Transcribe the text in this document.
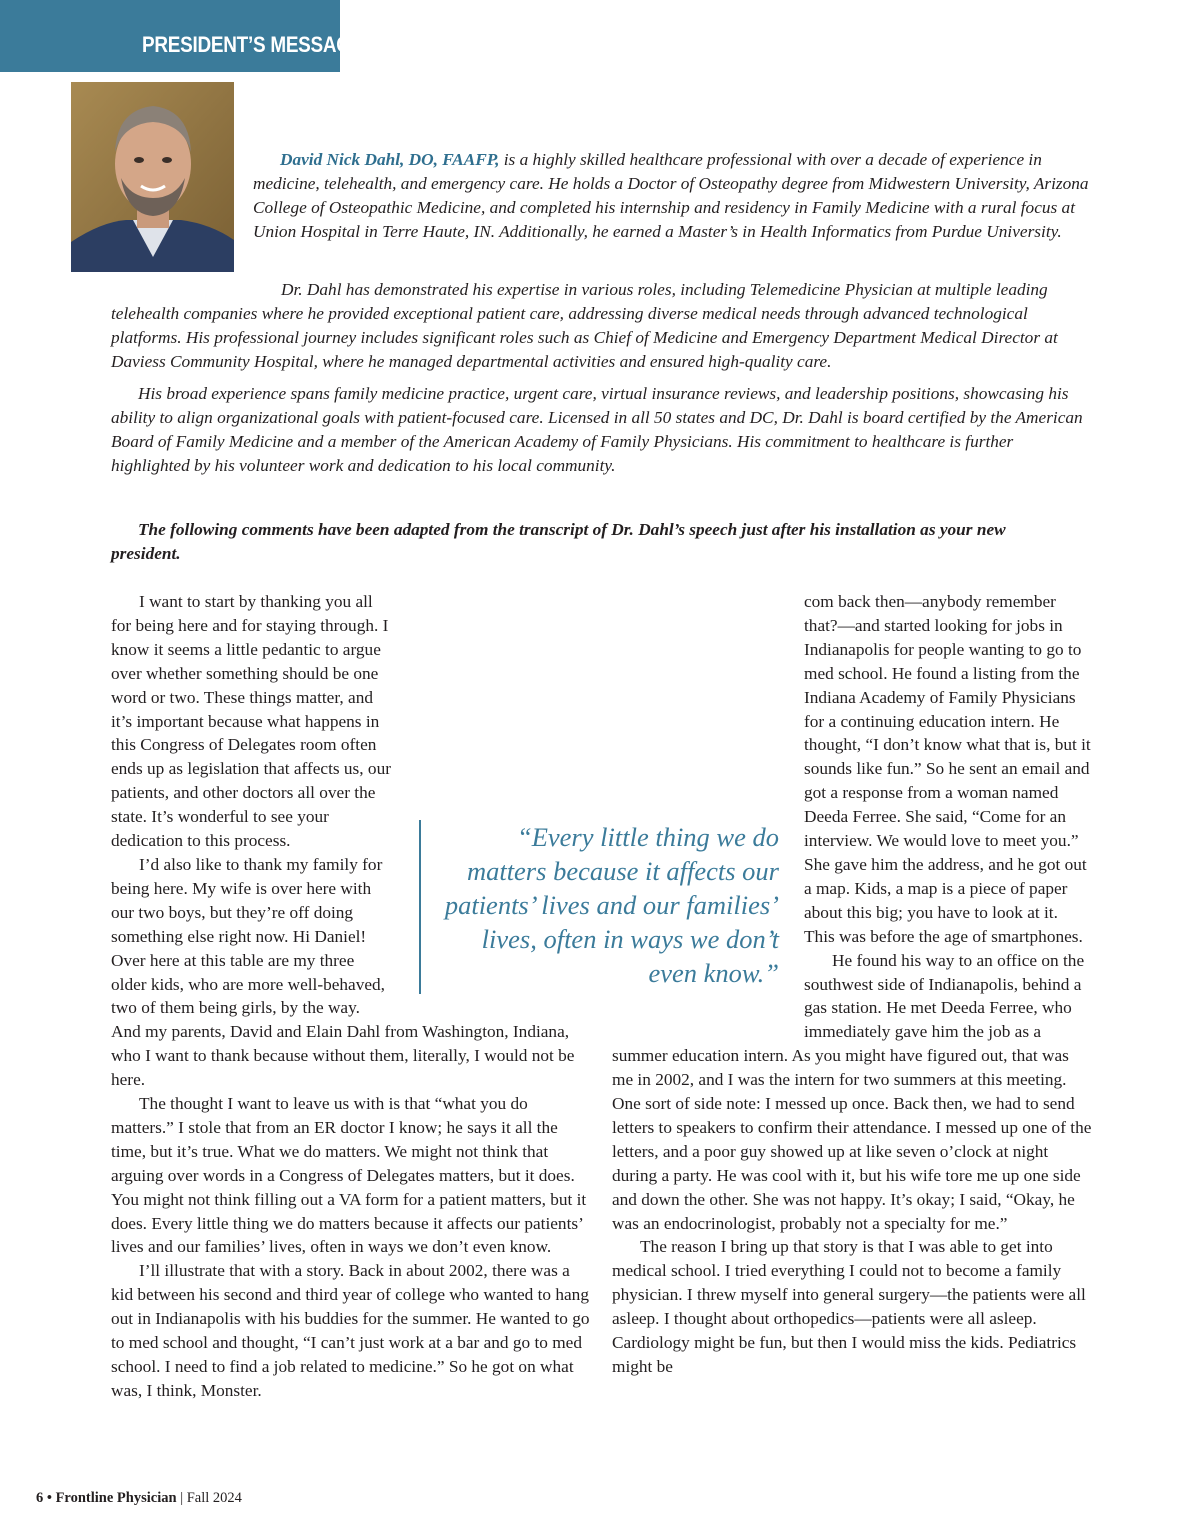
PRESIDENT’S MESSAGE

David Nick Dahl, DO, FAAFP, is a highly skilled healthcare professional with over a decade of experience in medicine, telehealth, and emergency care. He holds a Doctor of Osteopathy degree from Midwestern University, Arizona College of Osteopathic Medicine, and completed his internship and residency in Family Medicine with a rural focus at Union Hospital in Terre Haute, IN. Additionally, he earned a Master’s in Health Informatics from Purdue University.

Dr. Dahl has demonstrated his expertise in various roles, including Telemedicine Physician at multiple leading telehealth companies where he provided exceptional patient care, addressing diverse medical needs through advanced technological platforms. His professional journey includes significant roles such as Chief of Medicine and Emergency Department Medical Director at Daviess Community Hospital, where he managed departmental activities and ensured high-quality care.

His broad experience spans family medicine practice, urgent care, virtual insurance reviews, and leadership positions, showcasing his ability to align organizational goals with patient-focused care. Licensed in all 50 states and DC, Dr. Dahl is board certified by the American Board of Family Medicine and a member of the American Academy of Family Physicians. His commitment to healthcare is further highlighted by his volunteer work and dedication to his local community.

The following comments have been adapted from the transcript of Dr. Dahl’s speech just after his installation as your new president.

I want to start by thanking you all for being here and for staying through. I know it seems a little pedantic to argue over whether something should be one word or two. These things matter, and it’s important because what happens in this Congress of Delegates room often ends up as legislation that affects us, our patients, and other doctors all over the state. It’s wonderful to see your dedication to this process.

I’d also like to thank my family for being here. My wife is over here with our two boys, but they’re off doing something else right now. Hi Daniel! Over here at this table are my three older kids, who are more well-behaved, two of them being girls, by the way. And my parents, David and Elain Dahl from Washington, Indiana, who I want to thank because without them, literally, I would not be here.

The thought I want to leave us with is that “what you do matters.” I stole that from an ER doctor I know; he says it all the time, but it’s true. What we do matters. We might not think that arguing over words in a Congress of Delegates matters, but it does. You might not think filling out a VA form for a patient matters, but it does. Every little thing we do matters because it affects our patients’ lives and our families’ lives, often in ways we don’t even know.

I’ll illustrate that with a story. Back in about 2002, there was a kid between his second and third year of college who wanted to hang out in Indianapolis with his buddies for the summer. He wanted to go to med school and thought, “I can’t just work at a bar and go to med school. I need to find a job related to medicine.” So he got on what was, I think, Monster.

com back then—anybody remember that?—and started looking for jobs in Indianapolis for people wanting to go to med school. He found a listing from the Indiana Academy of Family Physicians for a continuing education intern. He thought, “I don’t know what that is, but it sounds like fun.” So he sent an email and got a response from a woman named Deeda Ferree. She said, “Come for an interview. We would love to meet you.” She gave him the address, and he got out a map. Kids, a map is a piece of paper about this big; you have to look at it. This was before the age of smartphones.

He found his way to an office on the southwest side of Indianapolis, behind a gas station. He met Deeda Ferree, who immediately gave him the job as a summer education intern. As you might have figured out, that was me in 2002, and I was the intern for two summers at this meeting. One sort of side note: I messed up once. Back then, we had to send letters to speakers to confirm their attendance. I messed up one of the letters, and a poor guy showed up at like seven o’clock at night during a party. He was cool with it, but his wife tore me up one side and down the other. She was not happy. It’s okay; I said, “Okay, he was an endocrinologist, probably not a specialty for me.”

The reason I bring up that story is that I was able to get into medical school. I tried everything I could not to become a family physician. I threw myself into general surgery—the patients were all asleep. I thought about orthopedics—patients were all asleep. Cardiology might be fun, but then I would miss the kids. Pediatrics might be

“Every little thing we do matters because it affects our patients’ lives and our families’ lives, often in ways we don’t even know.”

6 • Frontline Physician | Fall 2024
